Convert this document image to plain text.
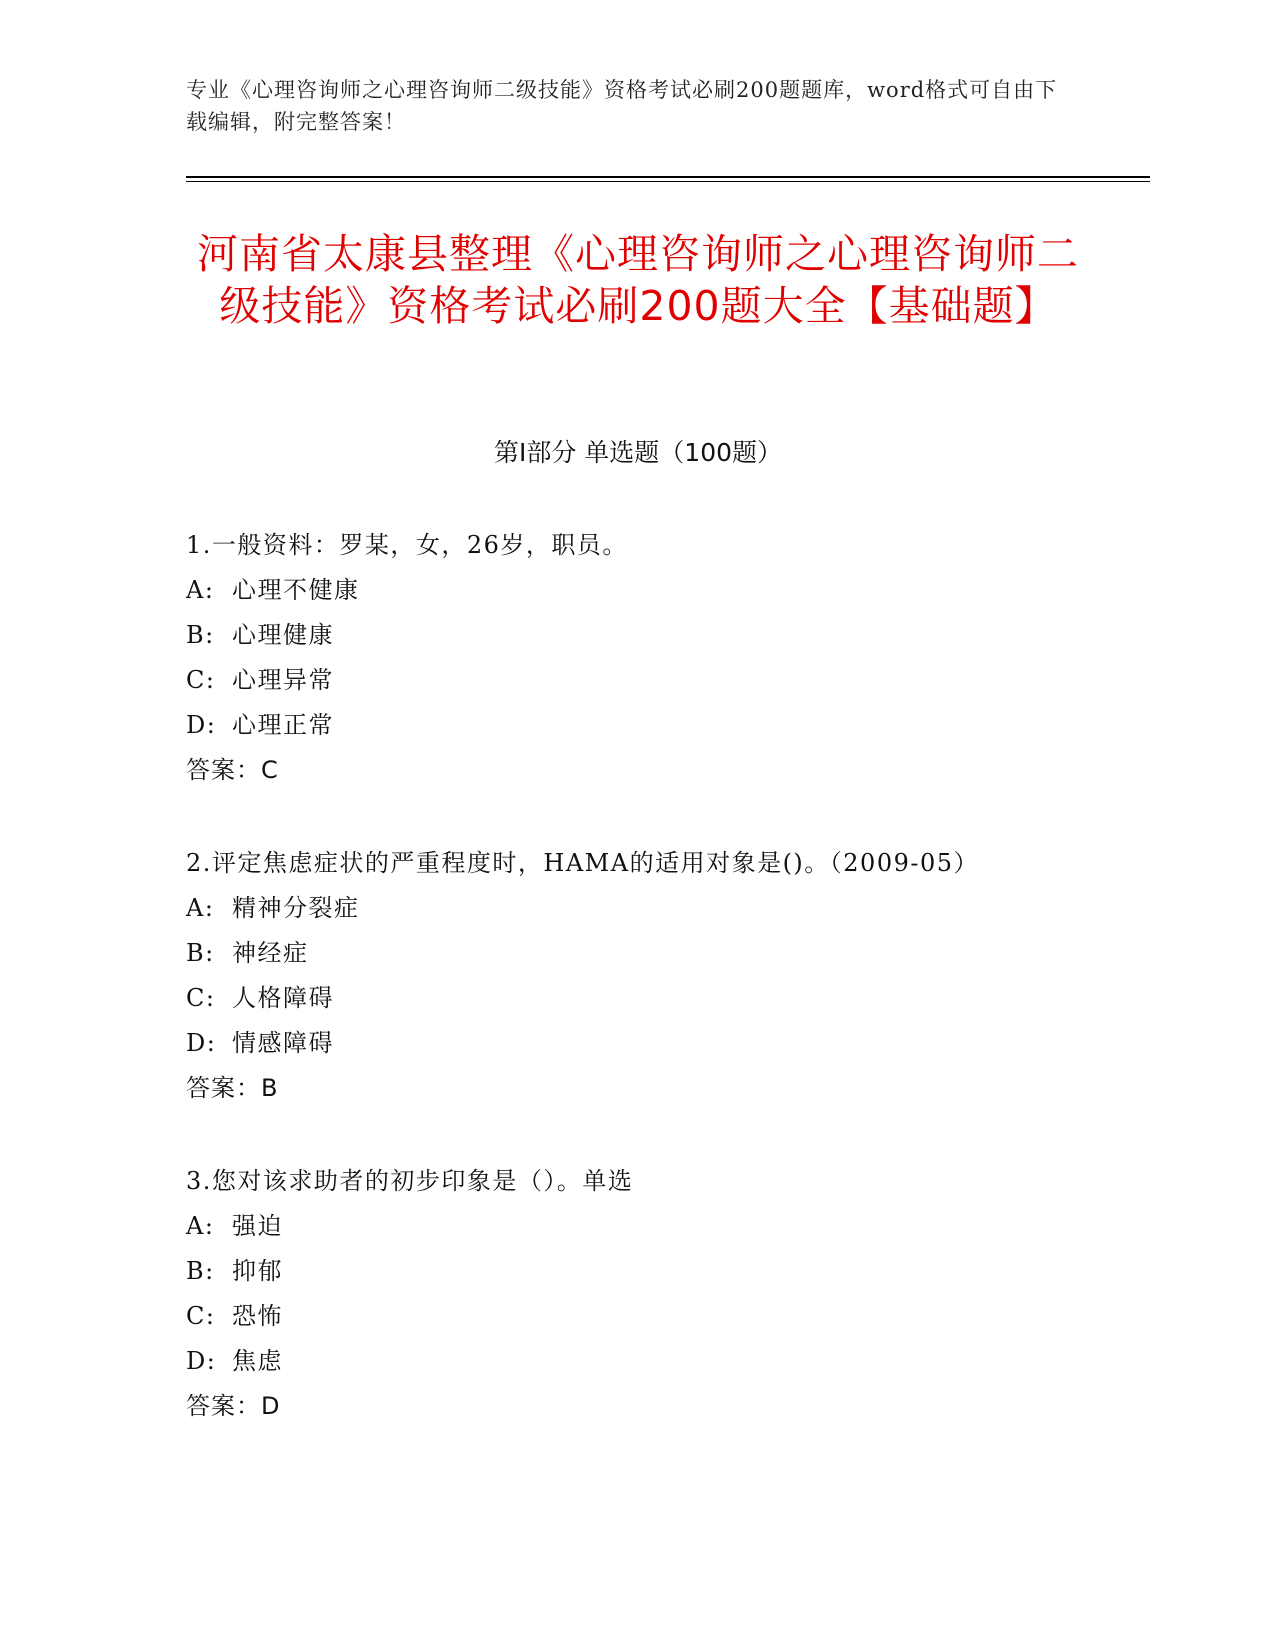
专业《心理咨询师之心理咨询师二级技能》资格考试必刷200题题库，word格式可自由下载编辑，附完整答案！
河南省太康县整理《心理咨询师之心理咨询师二级技能》资格考试必刷200题大全【基础题】
第I部分 单选题（100题）
1.一般资料：罗某，女，26岁，职员。
A: 心理不健康
B: 心理健康
C: 心理异常
D: 心理正常
答案：C
2.评定焦虑症状的严重程度时，HAMA的适用对象是()。（2009-05）
A: 精神分裂症
B: 神经症
C: 人格障碍
D: 情感障碍
答案：B
3.您对该求助者的初步印象是（）。单选
A: 强迫
B: 抑郁
C: 恐怖
D: 焦虑
答案：D
